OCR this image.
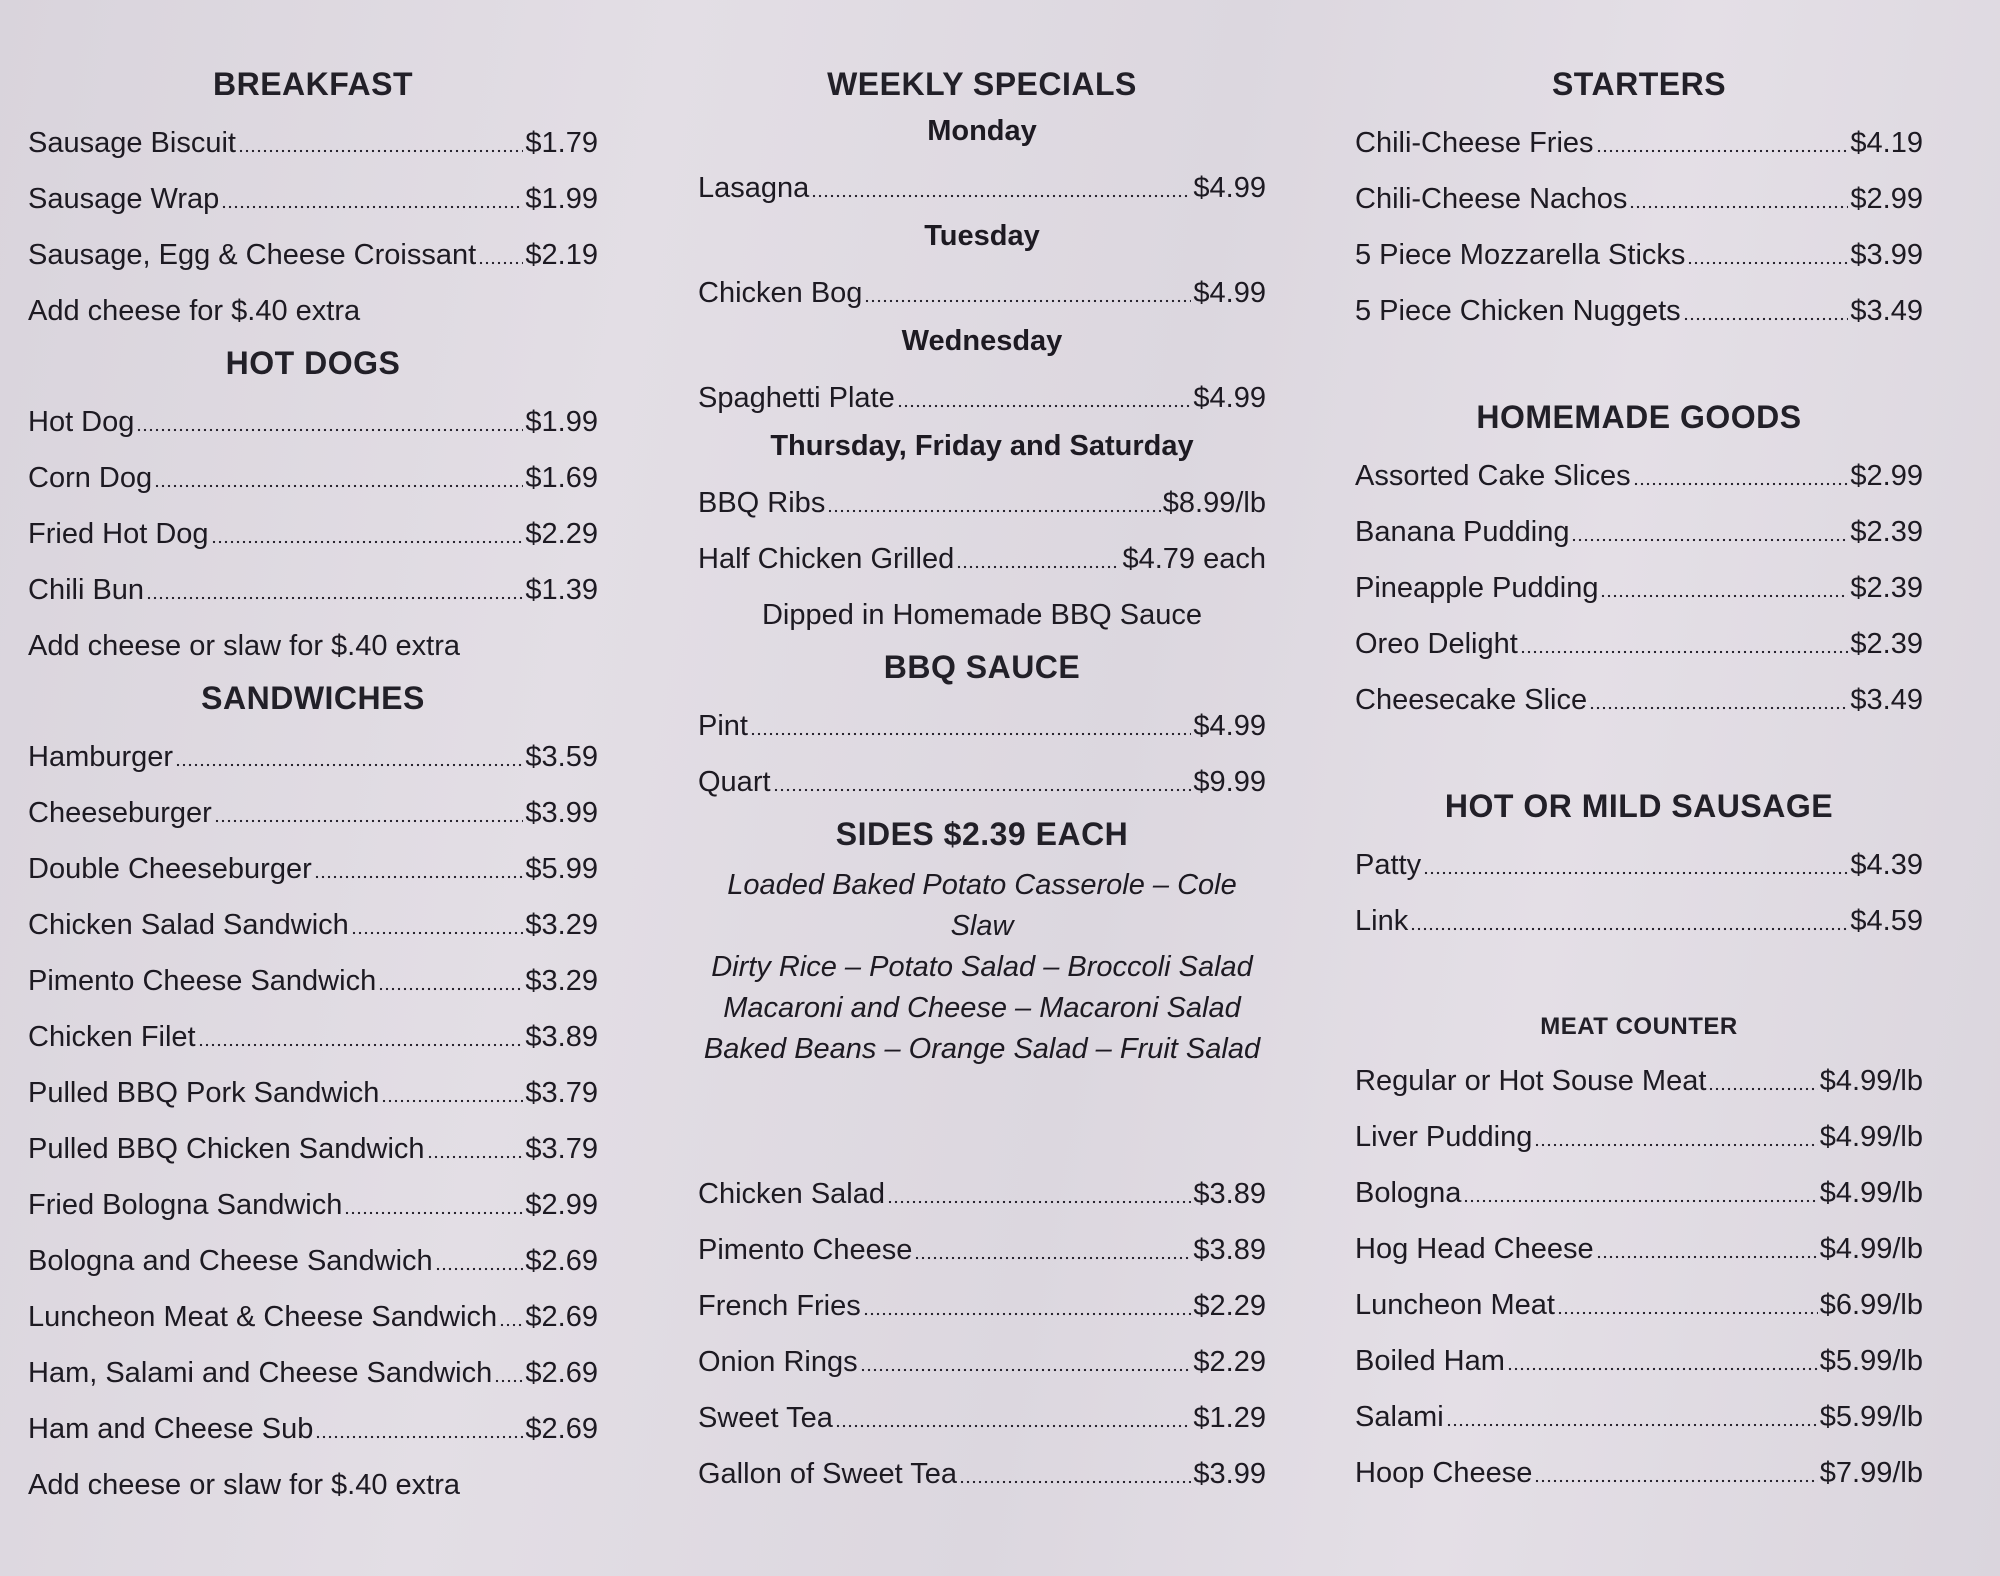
BREAKFAST
Sausage Biscuit	$1.79
Sausage Wrap	$1.99
Sausage, Egg & Cheese Croissant $2.19
Add cheese for $.40 extra
HOT DOGS
Hot Dog	$1.99
Corn Dog	$1.69
Fried Hot Dog	$2.29
Chili Bun	$1.39
Add cheese or slaw for $.40 extra
SANDWICHES
Hamburger	$3.59
Cheeseburger	$3.99
Double Cheeseburger	$5.99
Chicken Salad Sandwich	$3.29
Pimento Cheese Sandwich	$3.29
Chicken Filet	$3.89
Pulled BBQ Pork Sandwich	$3.79
Pulled BBQ Chicken Sandwich	$3.79
Fried Bologna Sandwich	$2.99
Bologna and Cheese Sandwich	$2.69
Luncheon Meat & Cheese Sandwich $2.69
Ham, Salami and Cheese Sandwich $2.69
Ham and Cheese Sub	$2.69
Add cheese or slaw for $.40 extra
WEEKLY SPECIALS
Monday
Lasagna	$4.99
Tuesday
Chicken Bog	$4.99
Wednesday
Spaghetti Plate	$4.99
Thursday, Friday and Saturday
BBQ Ribs	$8.99/lb
Half Chicken Grilled	$4.79 each
Dipped in Homemade BBQ Sauce
BBQ SAUCE
Pint	$4.99
Quart	$9.99
SIDES $2.39 EACH
Loaded Baked Potato Casserole – Cole Slaw
Dirty Rice – Potato Salad – Broccoli Salad
Macaroni and Cheese – Macaroni Salad
Baked Beans – Orange Salad – Fruit Salad
Chicken Salad	$3.89
Pimento Cheese	$3.89
French Fries	$2.29
Onion Rings	$2.29
Sweet Tea	$1.29
Gallon of Sweet Tea	$3.99
STARTERS
Chili-Cheese Fries	$4.19
Chili-Cheese Nachos	$2.99
5 Piece Mozzarella Sticks	$3.99
5 Piece Chicken Nuggets	$3.49
HOMEMADE GOODS
Assorted Cake Slices	$2.99
Banana Pudding	$2.39
Pineapple Pudding	$2.39
Oreo Delight	$2.39
Cheesecake Slice	$3.49
HOT OR MILD SAUSAGE
Patty	$4.39
Link	$4.59
MEAT COUNTER
Regular or Hot Souse Meat	$4.99/lb
Liver Pudding	$4.99/lb
Bologna	$4.99/lb
Hog Head Cheese	$4.99/lb
Luncheon Meat	$6.99/lb
Boiled Ham	$5.99/lb
Salami	$5.99/lb
Hoop Cheese	$7.99/lb
